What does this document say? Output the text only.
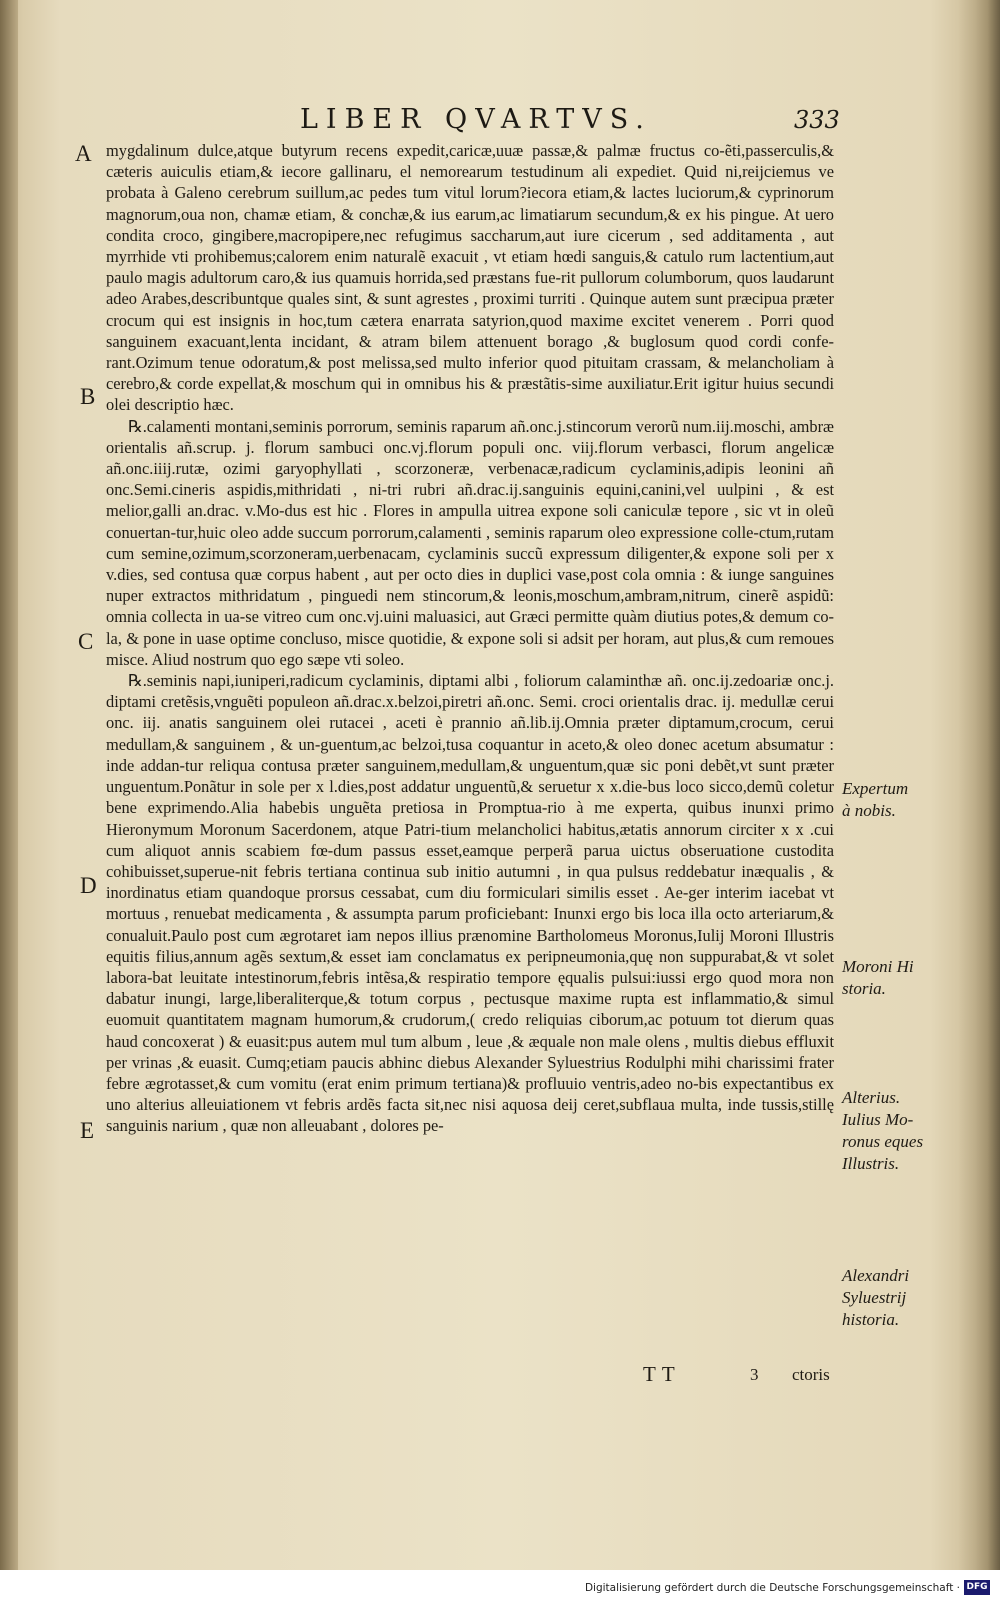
LIBER QVARTVS.	333
A
B
C
D
E

mygdalinum dulce,atque butyrum recens expedit,caricæ,uuæ passæ,& palmæ fructus co-ẽti,passerculis,& cæteris auiculis etiam,& iecore gallinaru, el nemorearum testudinum ali expediet. Quid ni,reijciemus ve probata à Galeno cerebrum suillum,ac pedes tum vitul lorum?iecora etiam,& lactes luciorum,& cyprinorum magnorum,oua non, chamæ etiam, & conchæ,& ius earum,ac limatiarum secundum,& ex his pingue. At uero condita croco, gingibere,macropipere,nec refugimus saccharum,aut iure cicerum , sed additamenta , aut myrrhide vti prohibemus;calorem enim naturalẽ exacuit , vt etiam hœdi sanguis,& catulo rum lactentium,aut paulo magis adultorum caro,& ius quamuis horrida,sed præstans fue-rit pullorum columborum, quos laudarunt adeo Arabes,describuntque quales sint, & sunt agrestes , proximi turriti . Quinque autem sunt præcipua præter crocum qui est insignis in hoc,tum cætera enarrata satyrion,quod maxime excitet venerem . Porri quod sanguinem exacuant,lenta incidant, & atram bilem attenuent borago ,& buglosum quod cordi confe-rant.Ozimum tenue odoratum,& post melissa,sed multo inferior quod pituitam crassam, & melancholiam à cerebro,& corde expellat,& moschum qui in omnibus his & præstãtis-sime auxiliatur.Erit igitur huius secundi olei descriptio hæc.

℞.calamenti montani,seminis porrorum, seminis raparum añ.onc.j.stincorum verorũ num.iij.moschi, ambræ orientalis añ.scrup. j. florum sambuci onc.vj.florum populi onc. viij.florum verbasci, florum angelicæ añ.onc.iiij.rutæ, ozimi garyophyllati , scorzoneræ, verbenacæ,radicum cyclaminis,adipis leonini añ onc.Semi.cineris aspidis,mithridati , ni-tri rubri añ.drac.ij.sanguinis equini,canini,vel uulpini , & est melior,galli an.drac. v.Mo-dus est hic . Flores in ampulla uitrea expone soli caniculæ tepore , sic vt in oleũ conuertan-tur,huic oleo adde succum porrorum,calamenti , seminis raparum oleo expressione colle-ctum,rutam cum semine,ozimum,scorzoneram,uerbenacam, cyclaminis succũ expressum diligenter,& expone soli per x v.dies, sed contusa quæ corpus habent , aut per octo dies in duplici vase,post cola omnia : & iunge sanguines nuper extractos mithridatum , pinguedi nem stincorum,& leonis,moschum,ambram,nitrum, cinerẽ aspidũ: omnia collecta in ua-se vitreo cum onc.vj.uini maluasici, aut Græci permitte quàm diutius potes,& demum co-la, & pone in uase optime concluso, misce quotidie, & expone soli si adsit per horam, aut plus,& cum remoues misce. Aliud nostrum quo ego sæpe vti soleo.

℞.seminis napi,iuniperi,radicum cyclaminis, diptami albi , foliorum calaminthæ añ. onc.ij.zedoariæ onc.j. diptami cretẽsis,vnguẽti populeon añ.drac.x.belzoi,piretri añ.onc. Semi. croci orientalis drac. ij. medullæ cerui onc. iij. anatis sanguinem olei rutacei , aceti è prannio añ.lib.ij.Omnia præter diptamum,crocum, cerui medullam,& sanguinem , & un-guentum,ac belzoi,tusa coquantur in aceto,& oleo donec acetum absumatur : inde addan-tur reliqua contusa præter sanguinem,medullam,& unguentum,quæ sic poni debẽt,vt sunt præter unguentum.Ponãtur in sole per x l.dies,post addatur unguentũ,& seruetur x x.die-bus loco sicco,demũ coletur bene exprimendo.Alia habebis unguẽta pretiosa in Promptua-rio à me experta, quibus inunxi primo Hieronymum Moronum Sacerdonem, atque Patri-tium melancholici habitus,ætatis annorum circiter x x .cui cum aliquot annis scabiem fœ-dum passus esset,eamque perperã parua uictus obseruatione custodita cohibuisset,superue-nit febris tertiana continua sub initio autumni , in qua pulsus reddebatur inæqualis , & inordinatus etiam quandoque prorsus cessabat, cum diu formiculari similis esset . Ae-ger interim iacebat vt mortuus , renuebat medicamenta , & assumpta parum proficiebant: Inunxi ergo bis loca illa octo arteriarum,& conualuit.Paulo post cum ægrotaret iam nepos illius prænomine Bartholomeus Moronus,Iulij Moroni Illustris equitis filius,annum agẽs sextum,& esset iam conclamatus ex peripneumonia,quę non suppurabat,& vt solet labora-bat leuitate intestinorum,febris intẽsa,& respiratio tempore ęqualis pulsui:iussi ergo quod mora non dabatur inungi, large,liberaliterque,& totum corpus , pectusque maxime rupta est inflammatio,& simul euomuit quantitatem magnam humorum,& crudorum,( credo reliquias ciborum,ac potuum tot dierum quas haud concoxerat ) & euasit:pus autem mul tum album , leue ,& æquale non male olens , multis diebus effluxit per vrinas ,& euasit. Cumq;etiam paucis abhinc diebus Alexander Syluestrius Rodulphi mihi charissimi frater febre ægrotasset,& cum vomitu (erat enim primum tertiana)& profluuio ventris,adeo no-bis expectantibus ex uno alterius alleuiationem vt febris ardẽs facta sit,nec nisi aquosa deij ceret,subflaua multa, inde tussis,stillę sanguinis narium , quæ non alleuabant , dolores pe-

Expertum
à nobis.
Moroni Hi
storia.
Alterius.
Iulius Mo-
ronus eques
Illustris.
Alexandri
Syluestrij
historia.
TT	3 ctoris
Digitalisierung gefördert durch die Deutsche Forschungsgemeinschaft · DFG
